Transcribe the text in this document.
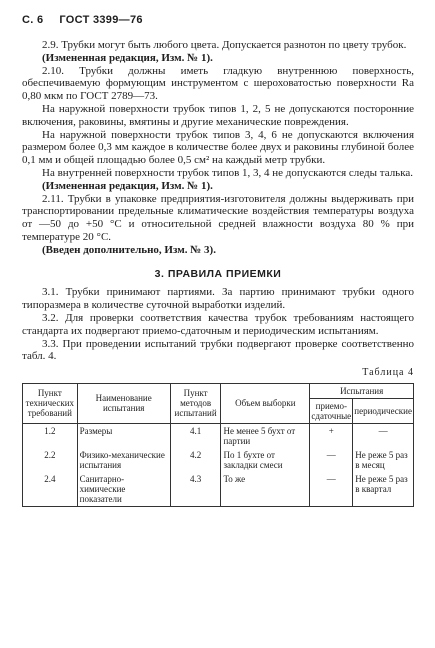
С. 6 ГОСТ 3399—76

2.9. Трубки могут быть любого цвета. Допускается разнотон по цвету трубок.

(Измененная редакция, Изм. № 1).

2.10. Трубки должны иметь гладкую внутреннюю поверхность, обеспечиваемую формующим инструментом с шероховатостью поверхности Ra 0,80 мкм по ГОСТ 2789—73.

На наружной поверхности трубок типов 1, 2, 5 не допускаются посторонние включения, раковины, вмятины и другие механические повреждения.

На наружной поверхности трубок типов 3, 4, 6 не допускаются включения размером более 0,3 мм каждое в количестве более двух и раковины глубиной более 0,1 мм и общей площадью более 0,5 см² на каждый метр трубки.

На внутренней поверхности трубок типов 1, 3, 4 не допускаются следы талька.

(Измененная редакция, Изм. № 1).

2.11. Трубки в упаковке предприятия-изготовителя должны выдерживать при транспортировании предельные климатические воздействия температуры воздуха от —50 до +50 °С и относительной средней влажности воздуха 80 % при температуре 20 °С.

(Введен дополнительно, Изм. № 3).

3. ПРАВИЛА ПРИЕМКИ

3.1. Трубки принимают партиями. За партию принимают трубки одного типоразмера в количестве суточной выработки изделий.

3.2. Для проверки соответствия качества трубок требованиям настоящего стандарта их подвергают приемо-сдаточным и периодическим испытаниям.

3.3. При проведении испытаний трубки подвергают проверке соответственно табл. 4.

Таблица 4

Пункт технических требований	Наименование испытания	Пункт методов испытаний	Объем выборки	Испытания	
				приемо-сдаточные	периодические
1.2	Размеры	4.1	Не менее 5 бухт от партии	+	—
2.2	Физико-механические испытания	4.2	По 1 бухте от закладки смеси	—	Не реже 5 раз в месяц
2.4	Санитарно-химические показатели	4.3	То же	—	Не реже 5 раз в квартал
